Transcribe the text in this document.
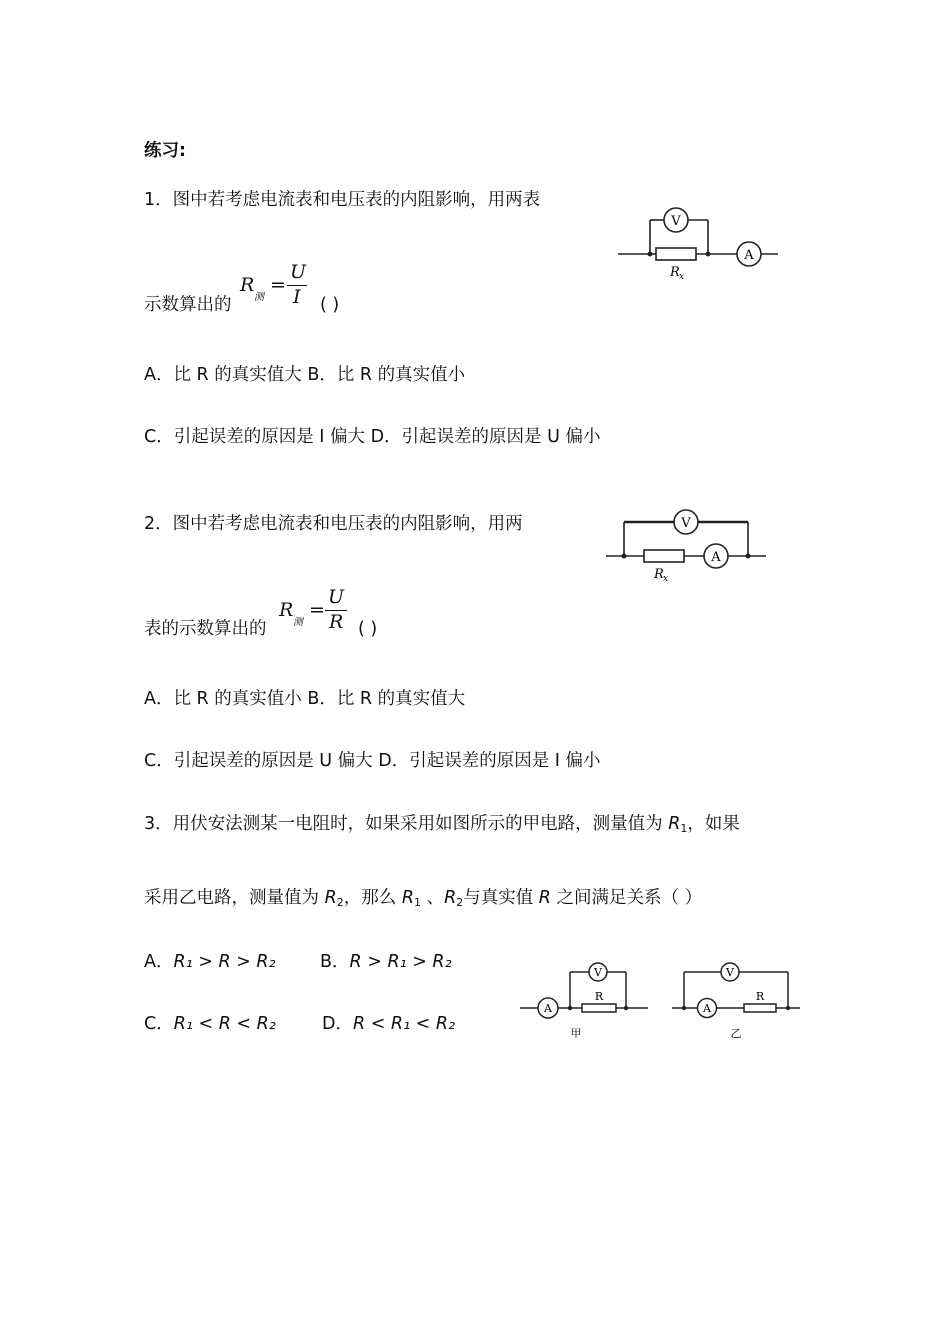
练习:
1．图中若考虑电流表和电压表的内阻影响，用两表
示数算出的
R
测
=
U
I ( )
V
A
R x
A．比 R 的真实值大 B．比 R 的真实值小
C．引起误差的原因是 I 偏大 D．引起误差的原因是 U 偏小
2．图中若考虑电流表和电压表的内阻影响，用两
表的示数算出的
R
测
=
U
R ( )
V
A
R x
A．比 R 的真实值小 B．比 R 的真实值大
C．引起误差的原因是 U 偏大 D．引起误差的原因是 I 偏小
3．用伏安法测某一电阻时，如果采用如图所示的甲电路，测量值为 $R_1$，如果
采用乙电路，测量值为 $R_2$，那么 $R_1$ 、$R_2$与真实值 R 之间满足关系（ ）
A．R₁ > R > R₂	B．R > R₁ > R₂
C．R₁ < R < R₂	D．R < R₁ < R₂
A
V
R
甲
A
V
R
乙
